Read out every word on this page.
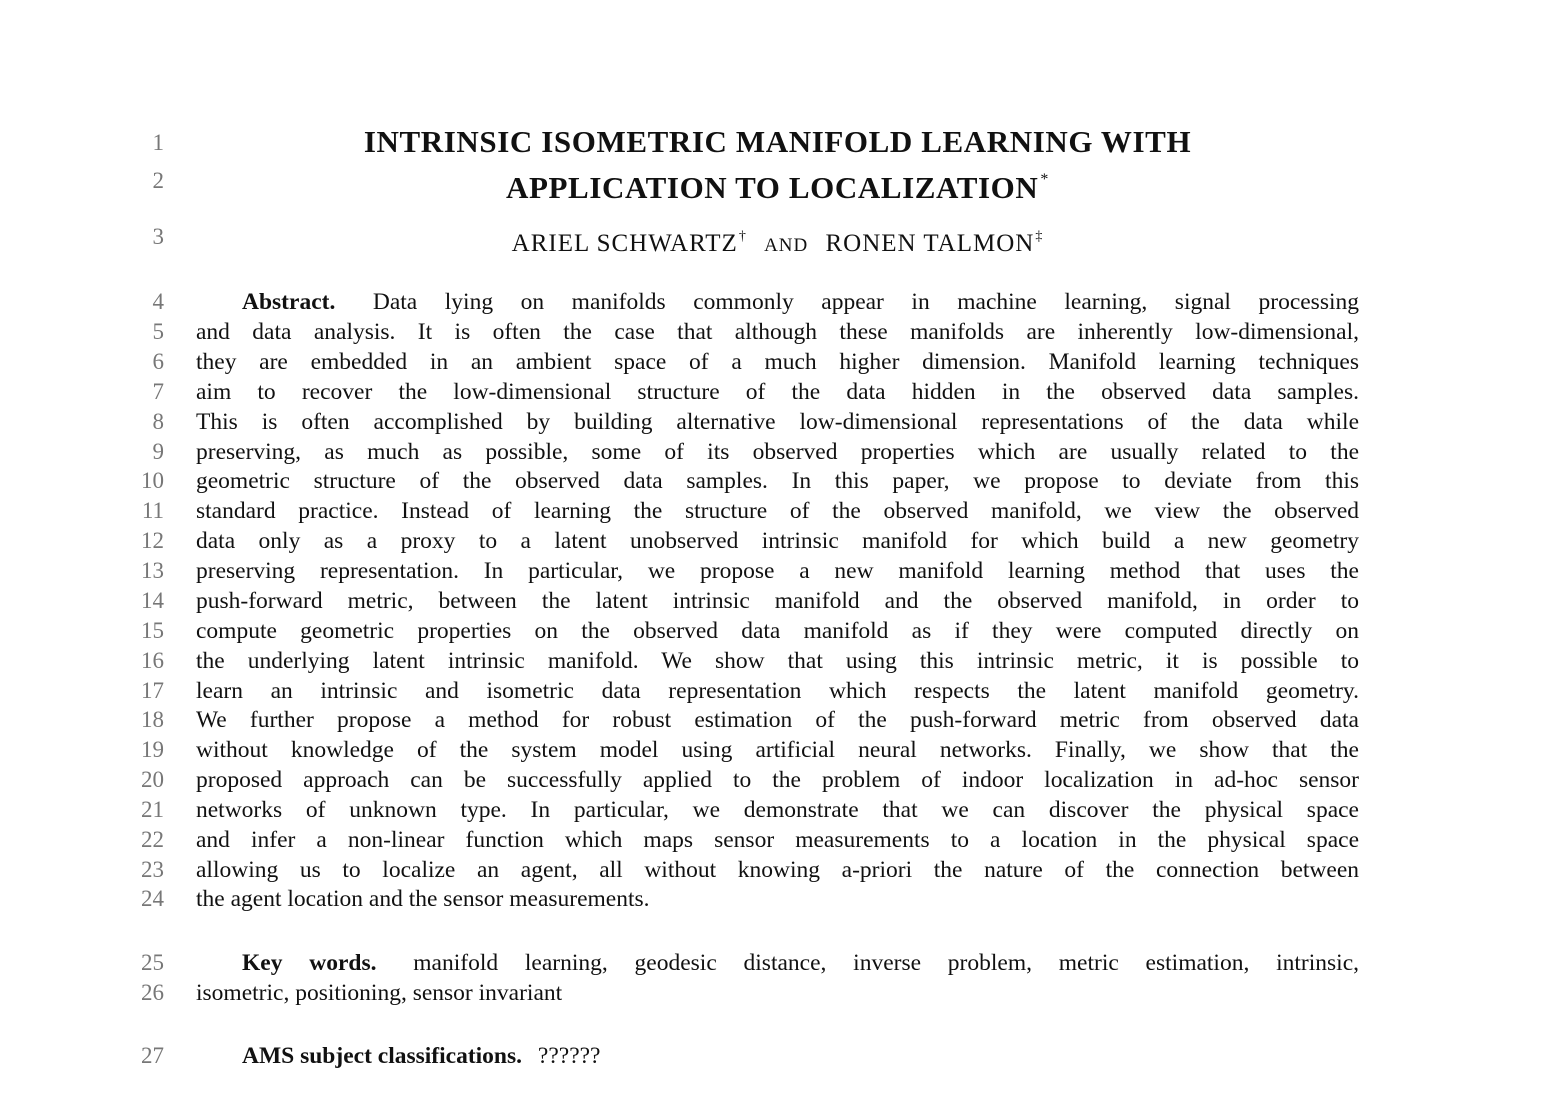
1
2
3
4
5
6
7
8
9
10
11
12
13
14
15
16
17
18
19
20
21
22
23
24
25
26
27
INTRINSIC ISOMETRIC MANIFOLD LEARNING WITH
APPLICATION TO LOCALIZATION *
ARIEL SCHWARTZ† AND RONEN TALMON‡
Abstract. Data lying on manifolds commonly appear in machine learning, signal processing
and data analysis. It is often the case that although these manifolds are inherently low-dimensional,
they are embedded in an ambient space of a much higher dimension. Manifold learning techniques
aim to recover the low-dimensional structure of the data hidden in the observed data samples.
This is often accomplished by building alternative low-dimensional representations of the data while
preserving, as much as possible, some of its observed properties which are usually related to the
geometric structure of the observed data samples. In this paper, we propose to deviate from this
standard practice. Instead of learning the structure of the observed manifold, we view the observed
data only as a proxy to a latent unobserved intrinsic manifold for which build a new geometry
preserving representation. In particular, we propose a new manifold learning method that uses the
push-forward metric, between the latent intrinsic manifold and the observed manifold, in order to
compute geometric properties on the observed data manifold as if they were computed directly on
the underlying latent intrinsic manifold. We show that using this intrinsic metric, it is possible to
learn an intrinsic and isometric data representation which respects the latent manifold geometry.
We further propose a method for robust estimation of the push-forward metric from observed data
without knowledge of the system model using artificial neural networks. Finally, we show that the
proposed approach can be successfully applied to the problem of indoor localization in ad-hoc sensor
networks of unknown type. In particular, we demonstrate that we can discover the physical space
and infer a non-linear function which maps sensor measurements to a location in the physical space
allowing us to localize an agent, all without knowing a-priori the nature of the connection between
the agent location and the sensor measurements.
Key words. manifold learning, geodesic distance, inverse problem, metric estimation, intrinsic,
isometric, positioning, sensor invariant
AMS subject classifications. ??????
